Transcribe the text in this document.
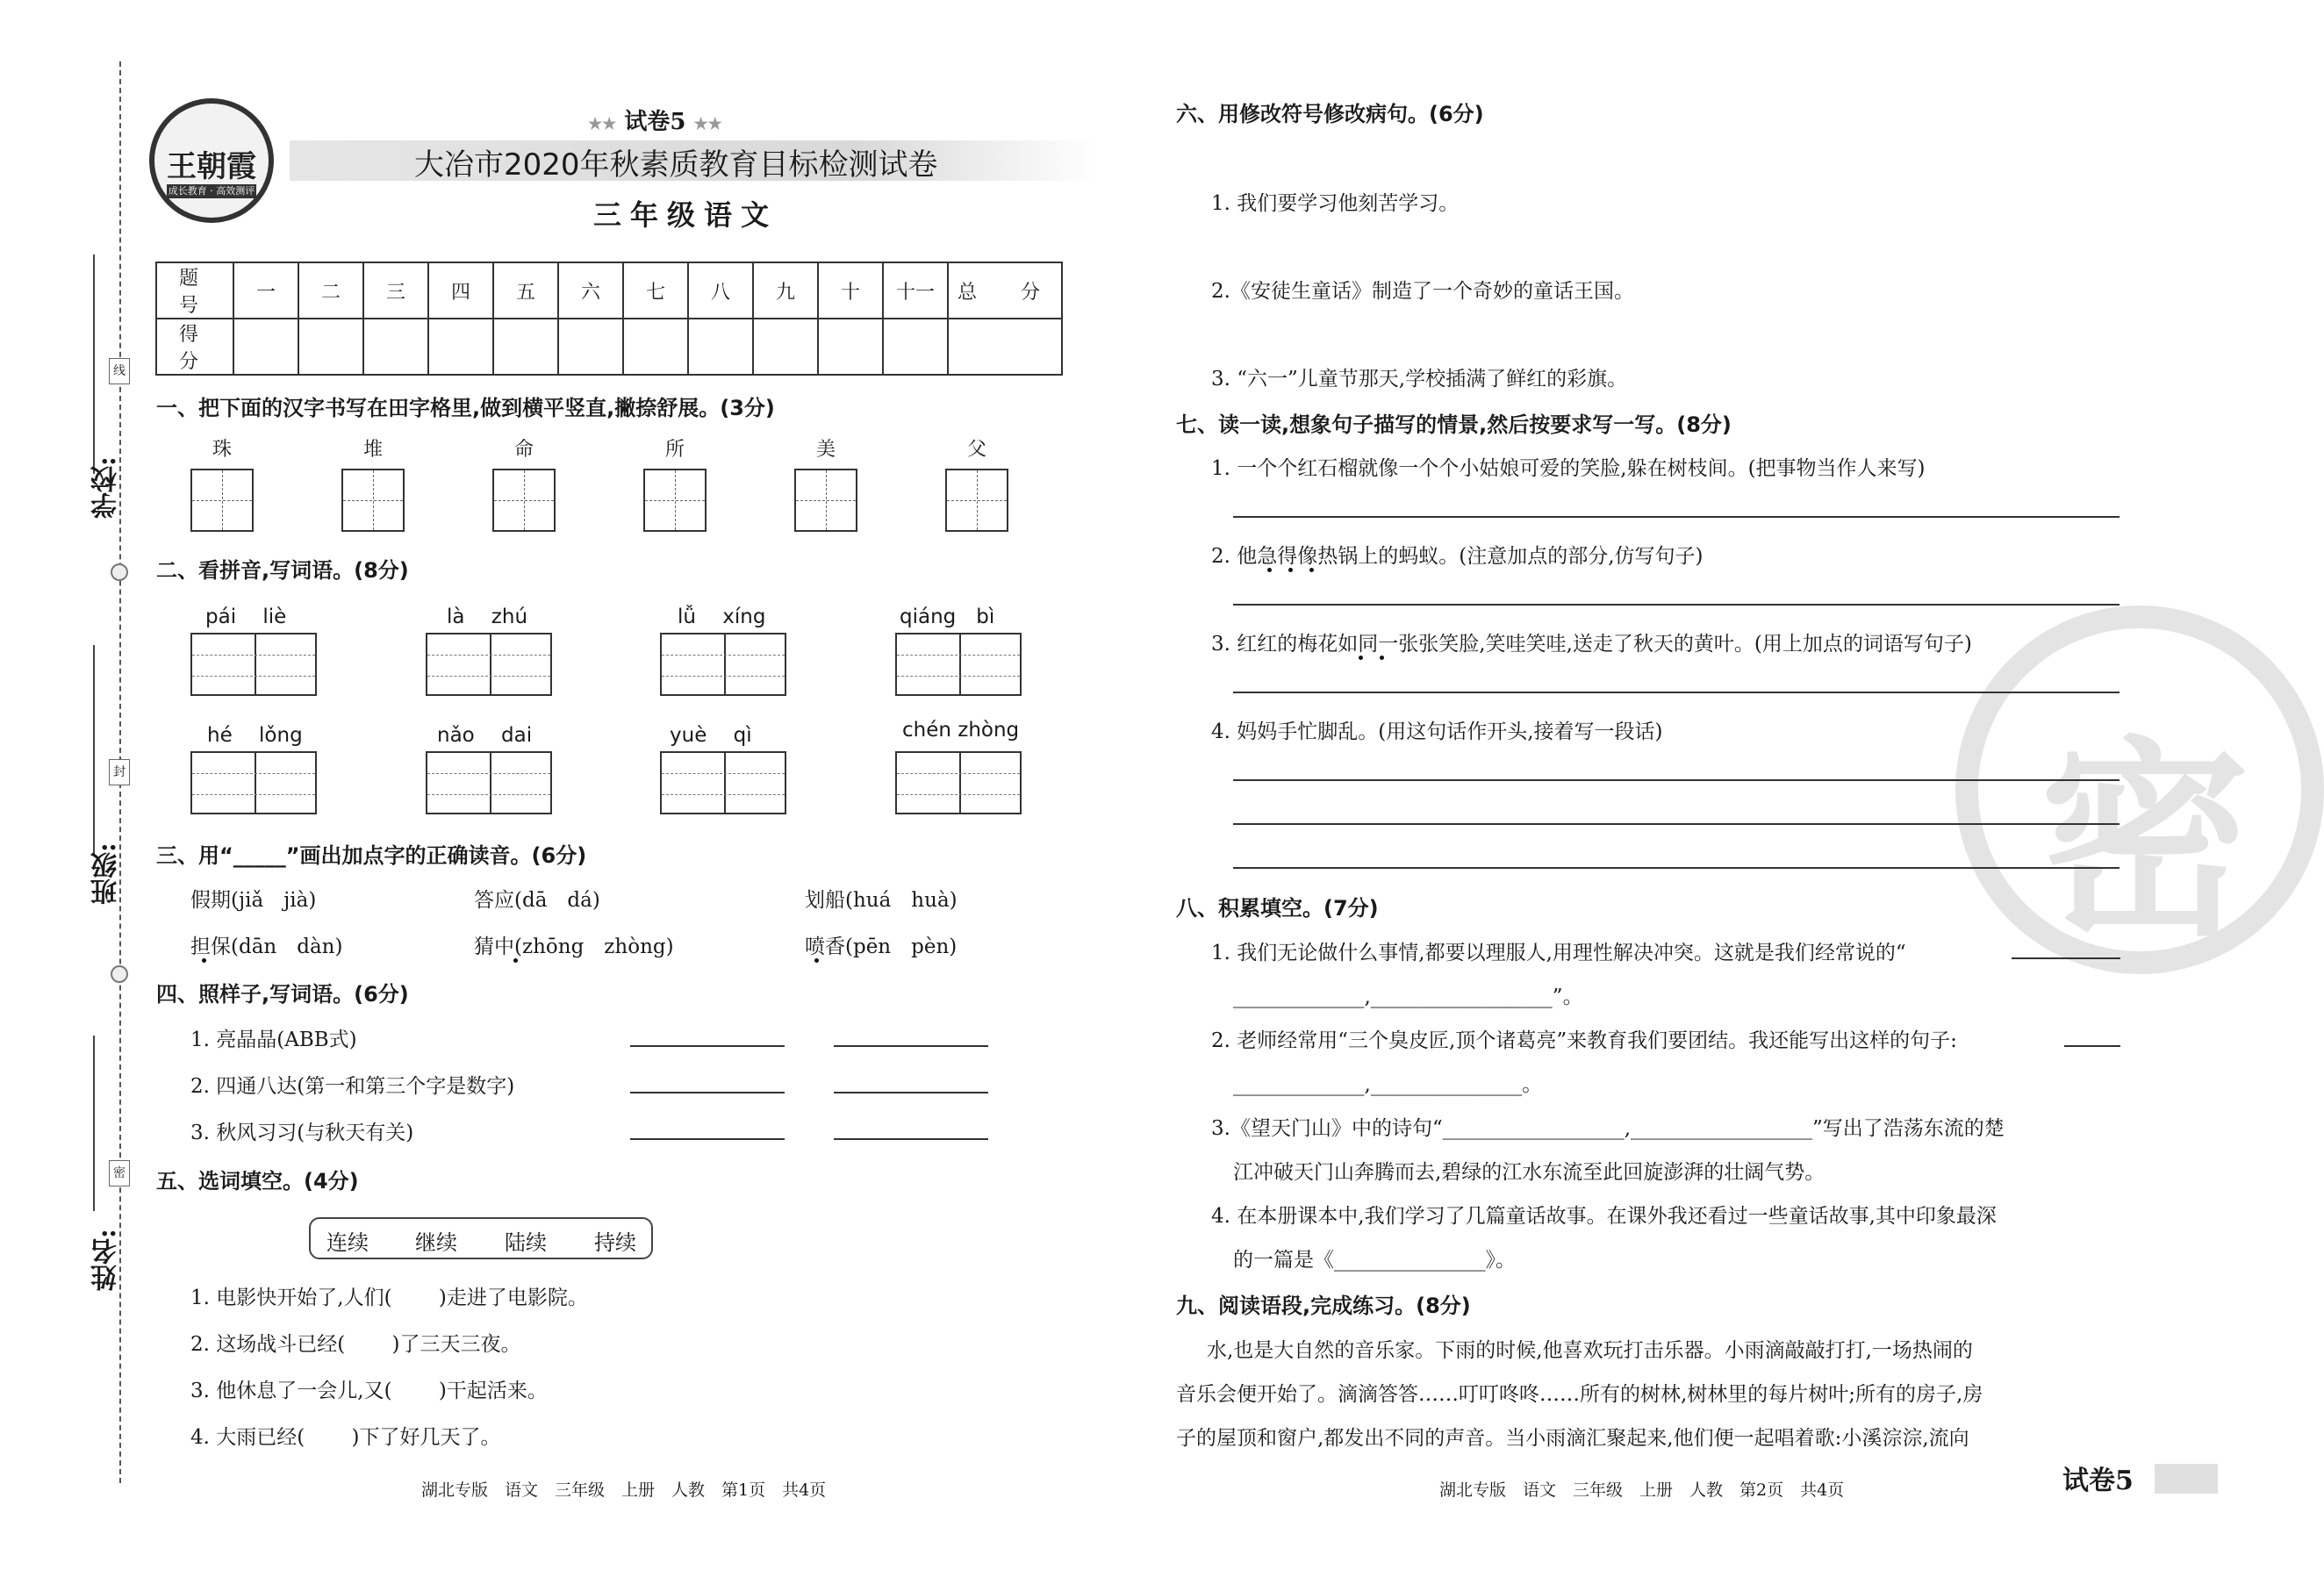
学校:
班级:
姓名:
线
封
密
王朝霞
成长教育 · 高效测评
★★ 试卷5 ★★
大冶市2020年秋素质教育目标检测试卷
三年级语文
题　号	一	二	三	四	五	六	七	八	九	十	十一	总　分
得　分												
一、把下面的汉字书写在田字格里,做到横平竖直,撇捺舒展。(3分)
珠	堆	命	所	美	父
二、看拼音,写词语。(8分)
pái　 liè	là　 zhú	lǚ　 xíng	qiáng　bì
hé　 lǒng	nǎo　 dai	yuè　 qì	chén zhòng
三、用“_____”画出加点字的正确读音。(6分)
假期(jiǎ　jià)	答应(dā　dá)	划船(huá　huà)
担保(dān　dàn)	猜中(zhōng　zhòng)	喷香(pēn　pèn)
四、照样子,写词语。(6分)
1. 亮晶晶(ABB式)
2. 四通八达(第一和第三个字是数字)
3. 秋风习习(与秋天有关)
五、选词填空。(4分)
连续 继续 陆续 持续
1. 电影快开始了,人们(　　 )走进了电影院。
2. 这场战斗已经(　　 )了三天三夜。
3. 他休息了一会儿,又(　　 )干起活来。
4. 大雨已经(　　 )下了好几天了。
湖北专版　语文　三年级　上册　人教　第1页　共4页
密
六、用修改符号修改病句。(6分)
1. 我们要学习他刻苦学习。
2.《安徒生童话》制造了一个奇妙的童话王国。
3. “六一”儿童节那天,学校插满了鲜红的彩旗。
七、读一读,想象句子描写的情景,然后按要求写一写。(8分)
1. 一个个红石榴就像一个个小姑娘可爱的笑脸,躲在树枝间。(把事物当作人来写)
2. 他急得像热锅上的蚂蚁。(注意加点的部分,仿写句子)
3. 红红的梅花如同一张张笑脸,笑哇笑哇,送走了秋天的黄叶。(用上加点的词语写句子)
4. 妈妈手忙脚乱。(用这句话作开头,接着写一段话)
八、积累填空。(7分)
1. 我们无论做什么事情,都要以理服人,用理性解决冲突。这就是我们经常说的“
_____________,__________________”。
2. 老师经常用“三个臭皮匠,顶个诸葛亮”来教育我们要团结。我还能写出这样的句子:
_____________,_______________。
3.《望天门山》中的诗句“__________________,__________________”写出了浩荡东流的楚
江冲破天门山奔腾而去,碧绿的江水东流至此回旋澎湃的壮阔气势。
4. 在本册课本中,我们学习了几篇童话故事。在课外我还看过一些童话故事,其中印象最深
的一篇是《_______________》。
九、阅读语段,完成练习。(8分)
水,也是大自然的音乐家。下雨的时候,他喜欢玩打击乐器。小雨滴敲敲打打,一场热闹的
音乐会便开始了。滴滴答答……叮叮咚咚……所有的树林,树林里的每片树叶;所有的房子,房
子的屋顶和窗户,都发出不同的声音。当小雨滴汇聚起来,他们便一起唱着歌:小溪淙淙,流向
湖北专版　语文　三年级　上册　人教　第2页　共4页	试卷5
